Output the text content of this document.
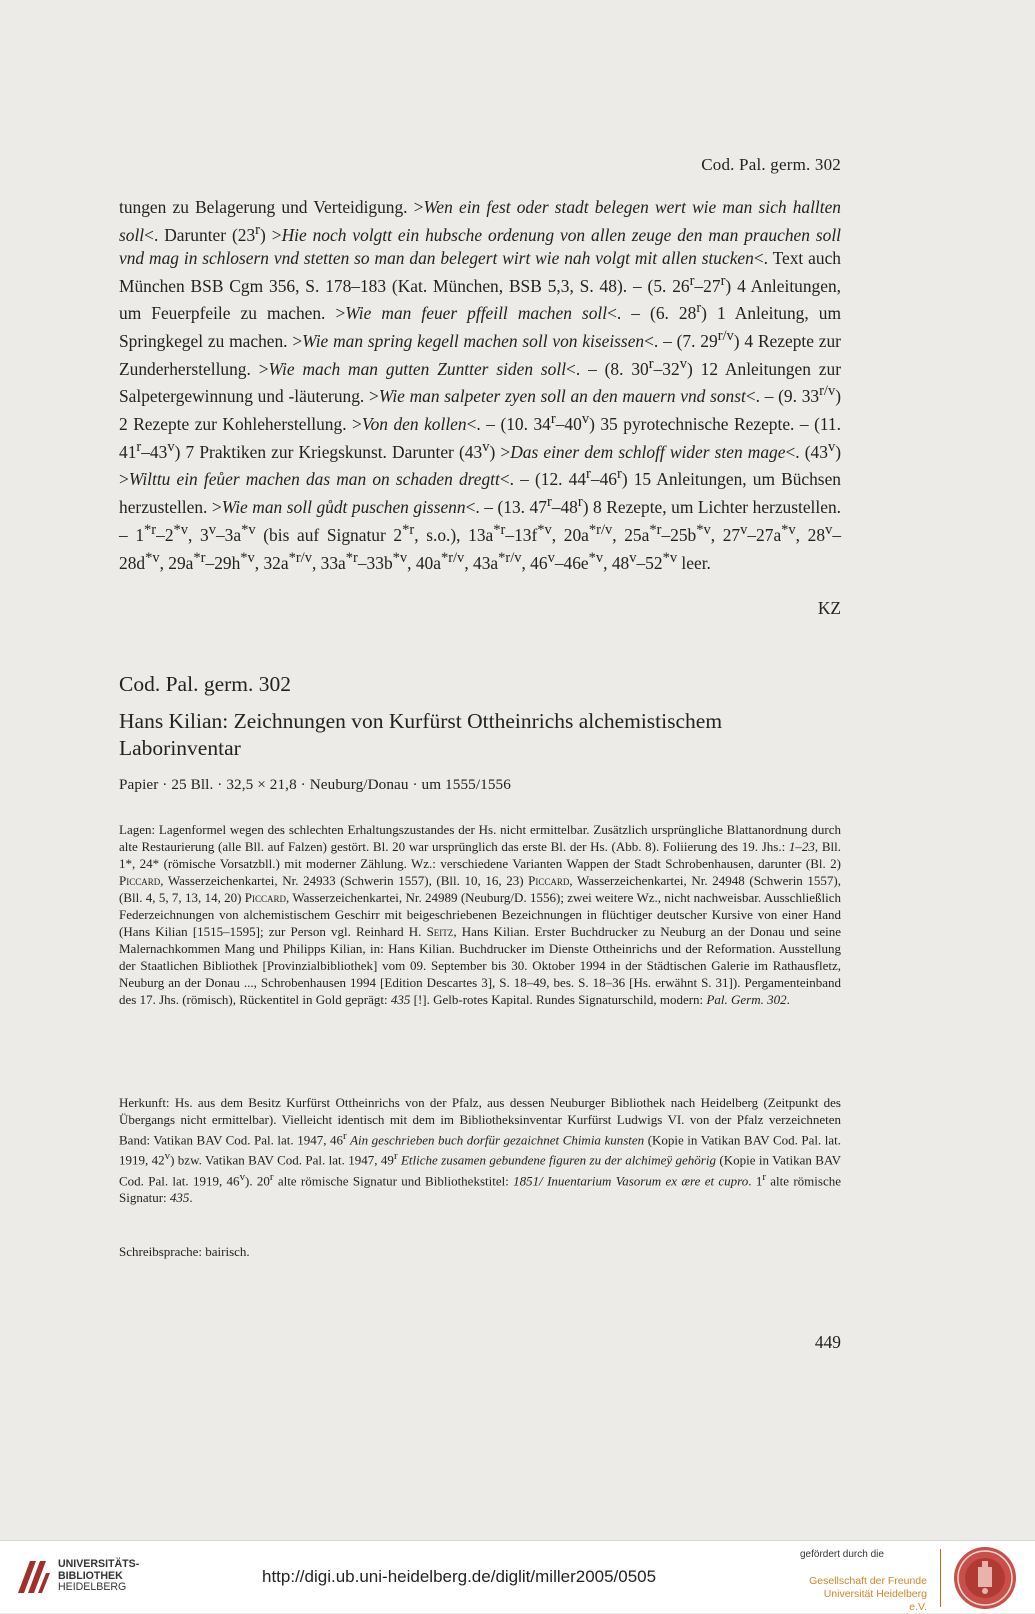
Cod. Pal. germ. 302

tungen zu Belagerung und Verteidigung. >Wen ein fest oder stadt belegen wert wie man sich hallten soll<. Darunter $(23^r) >Hie$ noch volgtt ein hubsche ordenung von allen zeuge den man prauchen soll vnd mag in schlosern vnd stetten so man dan belegert wirt wie nah volgt mit allen stucken<. Text auch München BSB Cgm 356, S. 178–183 (Kat. München, BSB 5,3, S. 48). – (5. 26$^r$–27$^r$) 4 Anleitungen, um Feuerpfeile zu machen. >Wie man feuer pffeill machen soll<. – (6. 28$^r$) 1 Anleitung, um Springkegel zu machen. >Wie man spring kegell machen soll von kiseissen<. – (7. $29^{r/v}$) 4 Rezepte zur Zunderherstellung. >Wie mach man gutten Zuntter siden soll<. – (8. 30$^r$–32$^v$) 12 Anleitungen zur Salpetergewinnung und -läuterung. >Wie man salpeter zyen soll an den mauern vnd sonst<. – (9. $33^{r/v}$) 2 Rezepte zur Kohleherstellung. >Von den kollen<. – (10. 34$^r$–40$^v$) 35 pyrotechnische Rezepte. – (11. 41$^r$–43$^v$) 7 Praktiken zur Kriegskunst. Darunter $(43^v) >Das$ einer dem schloff wider sten mage<. $(43^v)$ >Wilttu ein feůer machen das man on schaden dregtt<. – (12. 44$^r$–46$^r$) 15 Anleitungen, um Büchsen herzustellen. >Wie man soll gůdt puschen gissenn<. – (13. 47$^r$–48$^r$) 8 Rezepte, um Lichter herzustellen. – 1$^{*r}$–2$^{*v}$, $3^v-3a^{*v}$ (bis auf Signatur 2$^{*r}$, s.o.), $13a^{*r}-13f^{*v}$, $20a^{*r/v}$, $25a^{*r}-25b^{*v}$, $27^v-27a^{*v}$, $28^v-28d^{*v}$, $29a^{*r}-29h^{*v}$, $32a^{*r/v}$, $33a^{*r}-33b^{*v}$, $40a^{*r/v}$, $43a^{*r/v}$, $46^v-46e^{*v}$, 48$^v$–52$^{*v}$ leer.

KZ
Cod. Pal. germ. 302
Hans Kilian: Zeichnungen von Kurfürst Ottheinrichs alchemistischem Laborinventar
Papier · 25 Bll. · 32,5 × 21,8 · Neuburg/Donau · um 1555/1556

Lagen: Lagenformel wegen des schlechten Erhaltungszustandes der Hs. nicht ermittelbar. Zusätzlich ursprüngliche Blattanordnung durch alte Restaurierung (alle Bll. auf Falzen) gestört. Bl. 20 war ursprünglich das erste Bl. der Hs. (Abb. 8). Foliierung des 19. Jhs.: 1–23, Bll. 1*, 24* (römische Vorsatzbll.) mit moderner Zählung. Wz.: verschiedene Varianten Wappen der Stadt Schrobenhausen, darunter (Bl. 2) Piccard, Wasserzeichenkartei, Nr. 24933 (Schwerin 1557), (Bll. 10, 16, 23) Piccard, Wasserzeichenkartei, Nr. 24948 (Schwerin 1557), (Bll. 4, 5, 7, 13, 14, 20) Piccard, Wasserzeichenkartei, Nr. 24989 (Neuburg/D. 1556); zwei weitere Wz., nicht nachweisbar. Ausschließlich Federzeichnungen von alchemistischem Geschirr mit beigeschriebenen Bezeichnungen in flüchtiger deutscher Kursive von einer Hand (Hans Kilian [1515–1595]; zur Person vgl. Reinhard H. Seitz, Hans Kilian. Erster Buchdrucker zu Neuburg an der Donau und seine Malernachkommen Mang und Philipps Kilian, in: Hans Kilian. Buchdrucker im Dienste Ottheinrichs und der Reformation. Ausstellung der Staatlichen Bibliothek [Provinzialbibliothek] vom 09. September bis 30. Oktober 1994 in der Städtischen Galerie im Rathausfletz, Neuburg an der Donau ..., Schrobenhausen 1994 [Edition Descartes 3], S. 18–49, bes. S. 18–36 [Hs. erwähnt S. 31]). Pergamenteinband des 17. Jhs. (römisch), Rückentitel in Gold geprägt: 435 [!]. Gelb-rotes Kapital. Rundes Signaturschild, modern: Pal. Germ. 302.

Herkunft: Hs. aus dem Besitz Kurfürst Ottheinrichs von der Pfalz, aus dessen Neuburger Bibliothek nach Heidelberg (Zeitpunkt des Übergangs nicht ermittelbar). Vielleicht identisch mit dem im Bibliotheksinventar Kurfürst Ludwigs VI. von der Pfalz verzeichneten Band: Vatikan BAV Cod. Pal. lat. 1947, 46$^r$ Ain geschrieben buch dorfür gezaichnet Chimia kunsten (Kopie in Vatikan BAV Cod. Pal. lat. 1919, 42$^v$) bzw. Vatikan BAV Cod. Pal. lat. 1947, 49$^r$ Etliche zusamen gebundene figuren zu der alchimeÿ gehörig (Kopie in Vatikan BAV Cod. Pal. lat. 1919, 46$^v$). 20$^r$ alte römische Signatur und Bibliothekstitel: 1851/ Inuentarium Vasorum ex ære et cupro. 1$^r$ alte römische Signatur: 435.

Schreibsprache: bairisch.

449
UNIVERSITÄTS-
BIBLIOTHEK
HEIDELBERG
http://digi.ub.uni-heidelberg.de/diglit/miller2005/0505
gefördert durch die
Gesellschaft der Freunde
Universität Heidelberg e.V.
